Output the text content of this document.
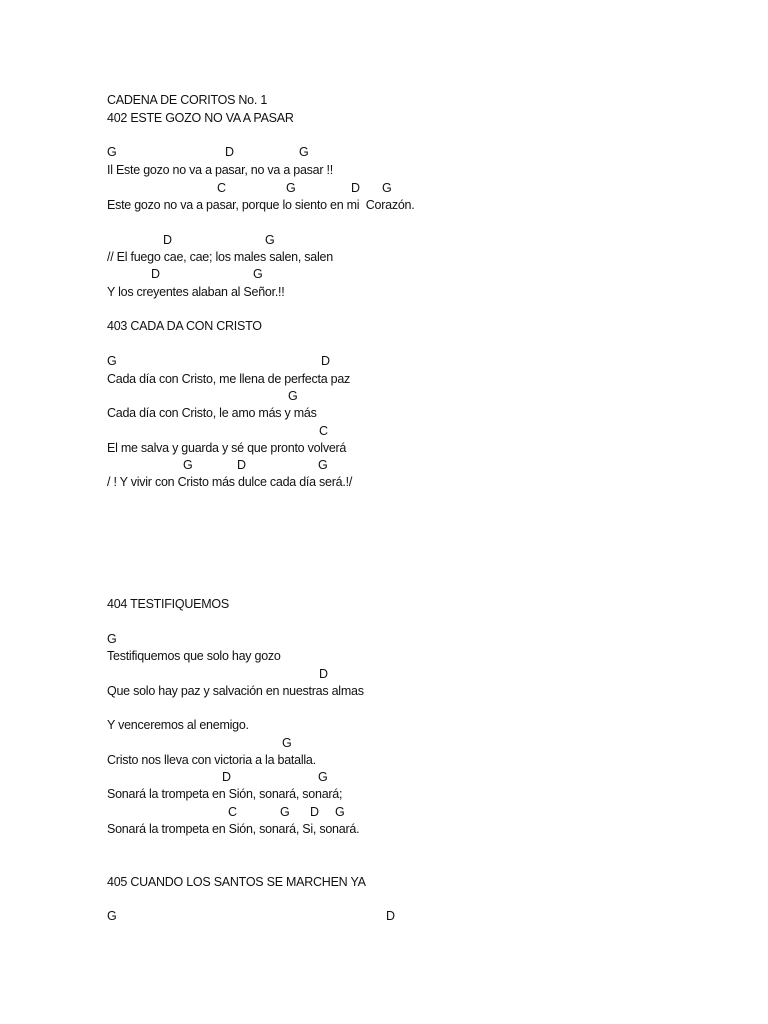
CADENA DE CORITOS No. 1
402 ESTE GOZO NO VA A PASAR
G	D	G
Il Este gozo no va a pasar, no va a pasar !!
C	G	D G
Este gozo no va a pasar, porque lo siento en mi  Corazón.
D	G
// El fuego cae, cae; los males salen, salen
D	G
Y los creyentes alaban al Señor.!!
403 CADA DA CON CRISTO
G	D
Cada día con Cristo, me llena de perfecta paz
G
Cada día con Cristo, le amo más y más
C
El me salva y guarda y sé que pronto volverá
G	D	G
/ ! Y vivir con Cristo más dulce cada día será.!/
404 TESTIFIQUEMOS
G
Testifiquemos que solo hay gozo
D
Que solo hay paz y salvación en nuestras almas
Y venceremos al enemigo.
G
Cristo nos lleva con victoria a la batalla.
D	G
Sonará la trompeta en Sión, sonará, sonará;
C	G D G
Sonará la trompeta en Sión, sonará, Si, sonará.
405 CUANDO LOS SANTOS SE MARCHEN YA
G	D
